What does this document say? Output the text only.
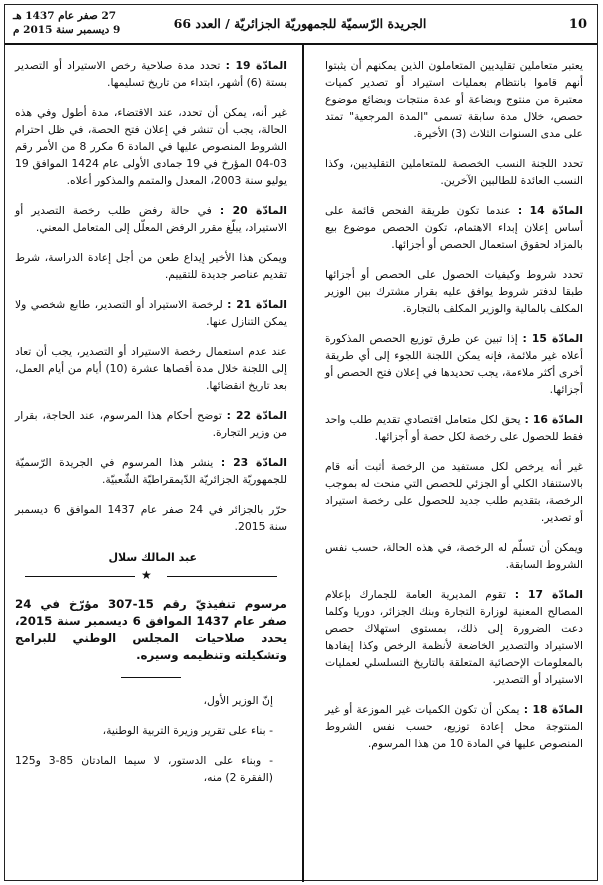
10
الجريدة الرّسميّة للجمهوريّة الجزائريّة / العدد 66
27 صفر عام 1437 هـ
9 ديسمبر سنة 2015 م

يعتبر متعاملين تقليديين المتعاملون الذين يمكنهم أن يثبتوا أنهم قاموا بانتظام بعمليات استيراد أو تصدير كميات معتبرة من منتوج وبضاعة أو عدة منتجات وبضائع موضوع حصص، خلال مدة سابقة تسمى "المدة المرجعية" تمتد على مدى السنوات الثلاث (3) الأخيرة.

تحدد اللجنة النسب الخصصة للمتعاملين التقليديين، وكذا النسب العائدة للطالبين الآخرين.

المادّة 14 : عندما تكون طريقة الفحص قائمة على أساس إعلان إبداء الاهتمام، تكون الحصص موضوع بيع بالمزاد لحقوق استعمال الحصص أو أجزائها.

تحدد شروط وكيفيات الحصول على الحصص أو أجزائها طبقا لدفتر شروط يوافق عليه بقرار مشترك بين الوزير المكلف بالمالية والوزير المكلف بالتجارة.

المادّة 15 : إذا تبين عن طرق توزيع الحصص المذكورة أعلاه غير ملائمة، فإنه يمكن اللجنة اللجوء إلى أي طريقة أخرى أكثر ملاءمة، يجب تحديدها في إعلان فتح الحصص أو أجزائها.

المادّة 16 : يحق لكل متعامل اقتصادي تقديم طلب واحد فقط للحصول على رخصة لكل حصة أو أجزائها.

غير أنه يرخص لكل مستفيد من الرخصة أثبت أنه قام بالاستنفاد الكلي أو الجزئي للحصص التي منحت له بموجب الرخصة، بتقديم طلب جديد للحصول على رخصة استيراد أو تصدير.

ويمكن أن تسلّم له الرخصة، في هذه الحالة، حسب نفس الشروط السابقة.

المادّة 17 : تقوم المديرية العامة للجمارك بإعلام المصالح المعنية لوزارة التجارة وبنك الجزائر، دوريا وكلما دعت الضرورة إلى ذلك، بمستوى استهلاك حصص الاستيراد والتصدير الخاضعة لأنظمة الرخص وكذا إيفادها بالمعلومات الإحصائية المتعلقة بالتاريخ التسلسلي لعمليات الاستيراد أو التصدير.

المادّة 18 : يمكن أن تكون الكميات غير الموزعة أو غير المنتوجة محل إعادة توزيع، حسب نفس الشروط المنصوص عليها في المادة 10 من هذا المرسوم.

المادّة 19 : تحدد مدة صلاحية رخص الاستيراد أو التصدير بستة (6) أشهر، ابتداء من تاريخ تسليمها.

غير أنه، يمكن أن تحدد، عند الاقتضاء، مدة أطول وفي هذه الحالة، يجب أن تنشر في إعلان فتح الحصة، في ظل احترام الشروط المنصوص عليها في المادة 6 مكرر 8 من الأمر رقم 03-04 المؤرخ في 19 جمادى الأولى عام 1424 الموافق 19 يوليو سنة 2003، المعدل والمتمم والمذكور أعلاه.

المادّة 20 : في حالة رفض طلب رخصة التصدير أو الاستيراد، يبلّغ مقرر الرفض المعلّل إلى المتعامل المعني.

ويمكن هذا الأخير إيداع طعن من أجل إعادة الدراسة، شرط تقديم عناصر جديدة للتقييم.

المادّة 21 : لرخصة الاستيراد أو التصدير، طابع شخصي ولا يمكن التنازل عنها.

عند عدم استعمال رخصة الاستيراد أو التصدير، يجب أن تعاد إلى اللجنة خلال مدة أقصاها عشرة (10) أيام من أيام العمل، بعد تاريخ انقضائها.

المادّة 22 : توضح أحكام هذا المرسوم، عند الحاجة، بقرار من وزير التجارة.

المادّة 23 : ينشر هذا المرسوم في الجريدة الرّسميّة للجمهوريّة الجزائريّة الدّيمقراطيّة الشّعبيّة.

حرّر بالجزائر في 24 صفر عام 1437 الموافق 6 ديسمبر سنة 2015.

عبد المالك سلال
★

مرسوم تنفيذيّ رقم 15-307 مؤرّخ في 24 صفر عام 1437 الموافق 6 ديسمبر سنة 2015، يحدد صلاحيات المجلس الوطني للبرامج وتشكيلته وتنظيمه وسيره.

إنّ الوزير الأول،

- بناء على تقرير وزيرة التربية الوطنية،

- وبناء على الدستور، لا سيما المادتان 85-3 و125 (الفقرة 2) منه،
